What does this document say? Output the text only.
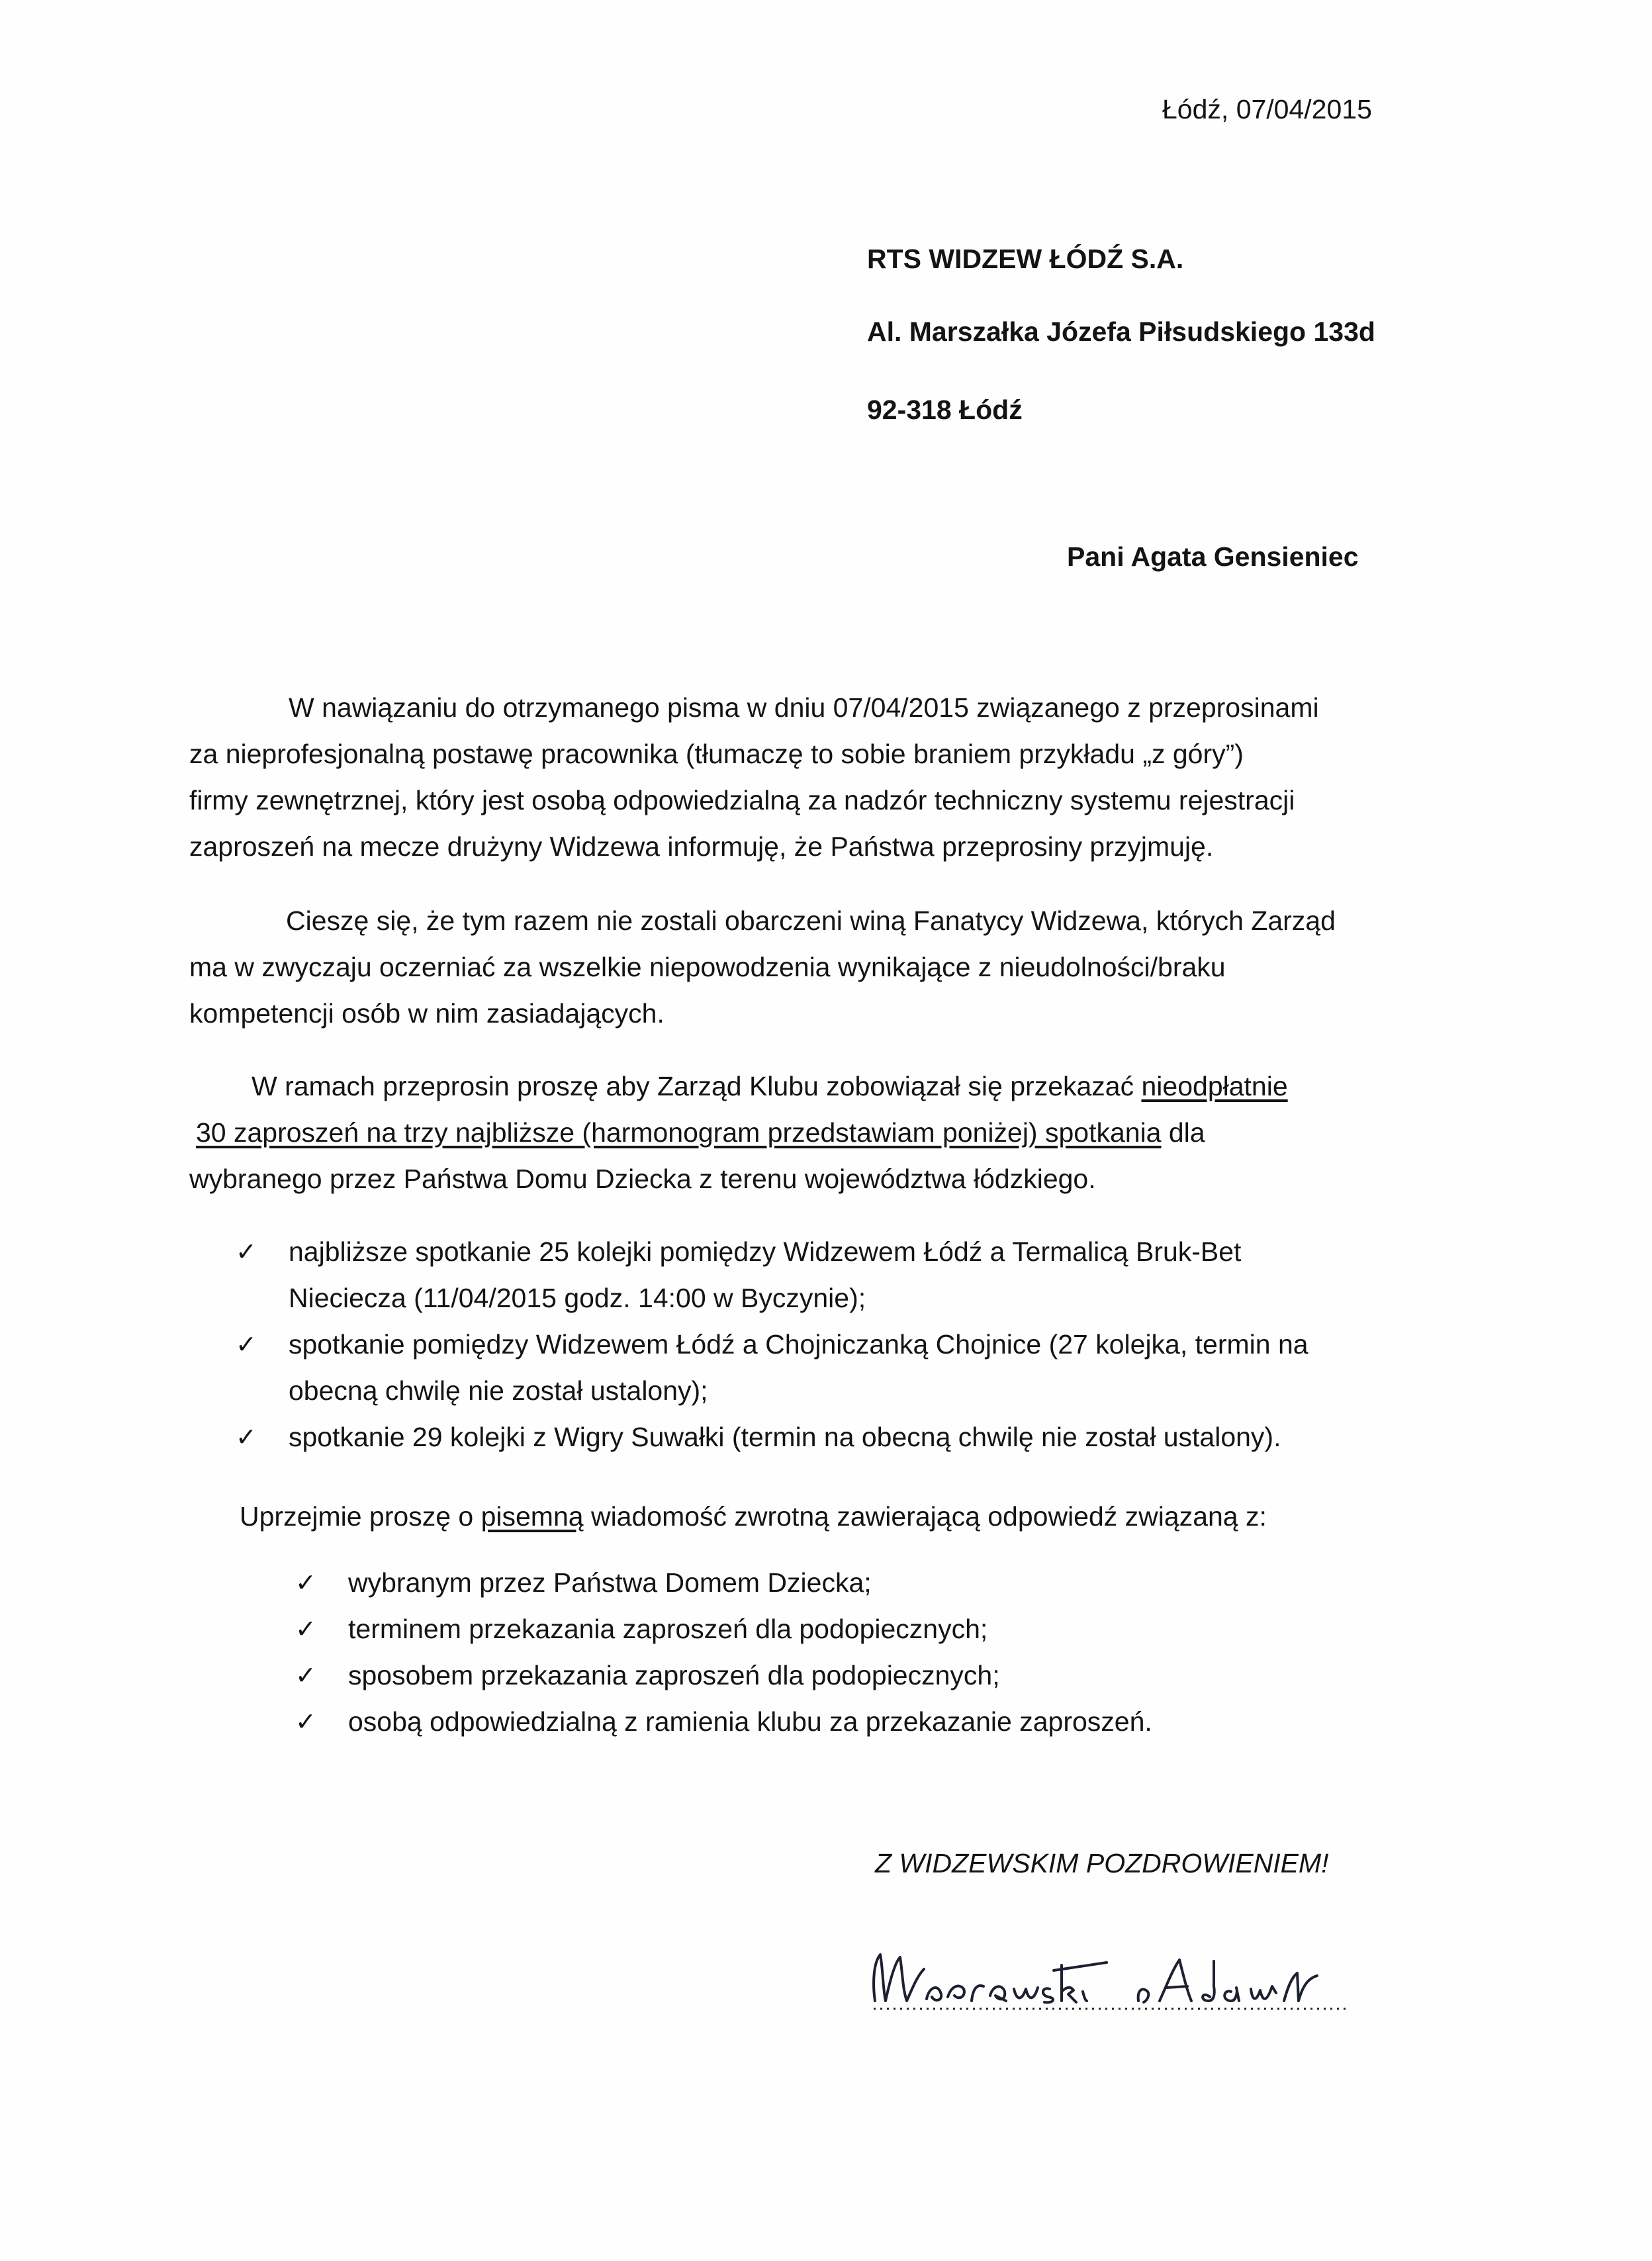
Łódź, 07/04/2015
RTS WIDZEW ŁÓDŹ S.A.
Al. Marszałka Józefa Piłsudskiego 133d
92-318 Łódź
Pani Agata Gensieniec
W nawiązaniu do otrzymanego pisma w dniu 07/04/2015 związanego z przeprosinami
za nieprofesjonalną postawę pracownika (tłumaczę to sobie braniem przykładu „z góry”)
firmy zewnętrznej, który jest osobą odpowiedzialną za nadzór techniczny systemu rejestracji
zaproszeń na mecze drużyny Widzewa informuję, że Państwa przeprosiny przyjmuję.
Cieszę się, że tym razem nie zostali obarczeni winą Fanatycy Widzewa, których Zarząd
ma w zwyczaju oczerniać za wszelkie niepowodzenia wynikające z nieudolności/braku
kompetencji osób w nim zasiadających.
W ramach przeprosin proszę aby Zarząd Klubu zobowiązał się przekazać nieodpłatnie
30 zaproszeń na trzy najbliższe (harmonogram przedstawiam poniżej) spotkania dla
wybranego przez Państwa Domu Dziecka z terenu województwa łódzkiego.
✓	najbliższe spotkanie 25 kolejki pomiędzy Widzewem Łódź a Termalicą Bruk-Bet
Nieciecza (11/04/2015 godz. 14:00 w Byczynie);
✓	spotkanie pomiędzy Widzewem Łódź a Chojniczanką Chojnice (27 kolejka, termin na
obecną chwilę nie został ustalony);
✓	spotkanie 29 kolejki z Wigry Suwałki (termin na obecną chwilę nie został ustalony).
Uprzejmie proszę o pisemną wiadomość zwrotną zawierającą odpowiedź związaną z:
✓	wybranym przez Państwa Domem Dziecka;
✓	terminem przekazania zaproszeń dla podopiecznych;
✓	sposobem przekazania zaproszeń dla podopiecznych;
✓	osobą odpowiedzialną z ramienia klubu za przekazanie zaproszeń.
Z WIDZEWSKIM POZDROWIENIEM!
